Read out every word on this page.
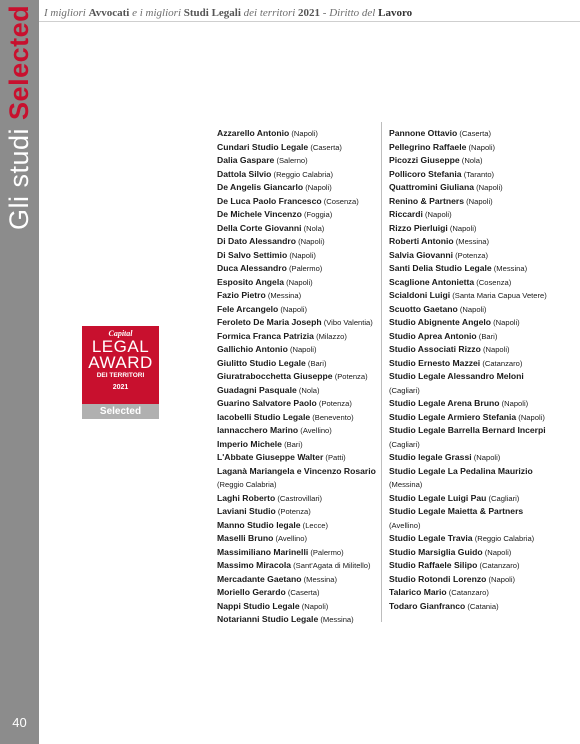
Gli studi Selected
40
I migliori Avvocati e i migliori Studi Legali dei territori 2021 - Diritto del Lavoro
Capital
LEGAL
AWARD
DEI TERRITORI
2021
Selected
Azzarello Antonio (Napoli)
Cundari Studio Legale (Caserta)
Dalia Gaspare (Salerno)
Dattola Silvio (Reggio Calabria)
De Angelis Giancarlo (Napoli)
De Luca Paolo Francesco (Cosenza)
De Michele Vincenzo (Foggia)
Della Corte Giovanni (Nola)
Di Dato Alessandro (Napoli)
Di Salvo Settimio (Napoli)
Duca Alessandro (Palermo)
Esposito Angela (Napoli)
Fazio Pietro (Messina)
Fele Arcangelo (Napoli)
Feroleto De Maria Joseph (Vibo Valentia)
Formica Franca Patrizia (Milazzo)
Gallichio Antonio (Napoli)
Giulitto Studio Legale (Bari)
Giuratrabocchetta Giuseppe (Potenza)
Guadagni Pasquale (Nola)
Guarino Salvatore Paolo (Potenza)
Iacobelli Studio Legale (Benevento)
Iannacchero Marino (Avellino)
Imperio Michele (Bari)
L'Abbate Giuseppe Walter (Patti)
Laganà Mariangela e Vincenzo Rosario
(Reggio Calabria)
Laghi Roberto (Castrovillari)
Laviani Studio (Potenza)
Manno Studio legale (Lecce)
Maselli Bruno (Avellino)
Massimiliano Marinelli (Palermo)
Massimo Miracola (Sant'Agata di Militello)
Mercadante Gaetano (Messina)
Moriello Gerardo (Caserta)
Nappi Studio Legale (Napoli)
Notarianni Studio Legale (Messina)
Pannone Ottavio (Caserta)
Pellegrino Raffaele (Napoli)
Picozzi Giuseppe (Nola)
Pollicoro Stefania (Taranto)
Quattromini Giuliana (Napoli)
Renino & Partners (Napoli)
Riccardi (Napoli)
Rizzo Pierluigi (Napoli)
Roberti Antonio (Messina)
Salvia Giovanni (Potenza)
Santi Delia Studio Legale (Messina)
Scaglione Antonietta (Cosenza)
Scialdoni Luigi (Santa Maria Capua Vetere)
Scuotto Gaetano (Napoli)
Studio Abignente Angelo (Napoli)
Studio Aprea Antonio (Bari)
Studio Associati Rizzo (Napoli)
Studio Ernesto Mazzei (Catanzaro)
Studio Legale Alessandro Meloni
(Cagliari)
Studio Legale Arena Bruno (Napoli)
Studio Legale Armiero Stefania (Napoli)
Studio Legale Barrella Bernard Incerpi
(Cagliari)
Studio legale Grassi (Napoli)
Studio Legale La Pedalina Maurizio
(Messina)
Studio Legale Luigi Pau (Cagliari)
Studio Legale Maietta & Partners
(Avellino)
Studio Legale Travia (Reggio Calabria)
Studio Marsiglia Guido (Napoli)
Studio Raffaele Silipo (Catanzaro)
Studio Rotondi Lorenzo (Napoli)
Talarico Mario (Catanzaro)
Todaro Gianfranco (Catania)
